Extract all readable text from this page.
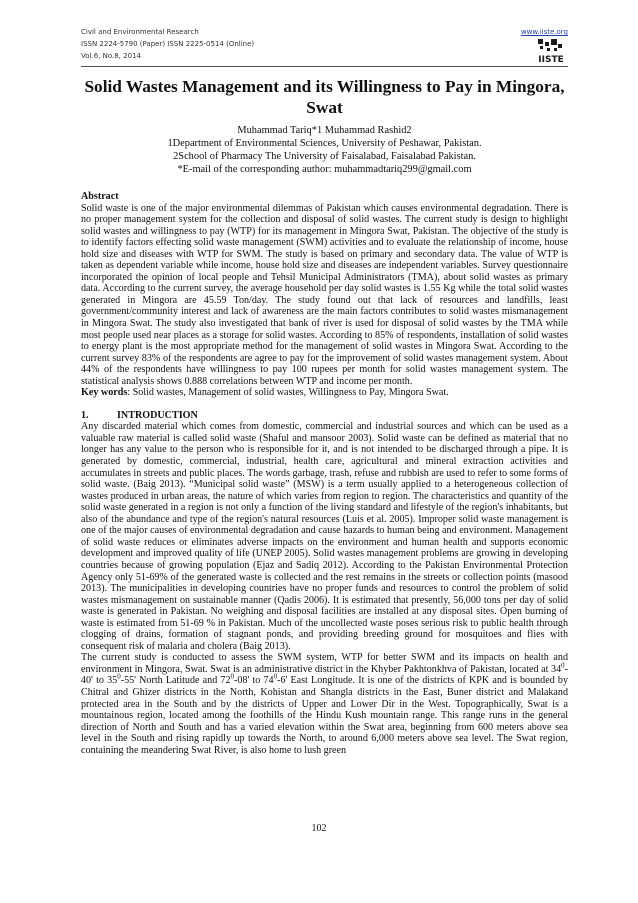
Civil and Environmental Research
ISSN 2224-5790 (Paper) ISSN 2225-0514 (Online)
Vol.6, No.8, 2014
www.iiste.org
IISTE
Solid Wastes Management and its Willingness to Pay in Mingora, Swat
Muhammad Tariq*1 Muhammad Rashid2
1Department of Environmental Sciences, University of Peshawar, Pakistan.
2School of Pharmacy The University of Faisalabad, Faisalabad Pakistan.
*E-mail of the corresponding author: muhammadtariq299@gmail.com

Abstract

Solid waste is one of the major environmental dilemmas of Pakistan which causes environmental degradation. There is no proper management system for the collection and disposal of solid wastes. The current study is design to highlight solid wastes and willingness to pay (WTP) for its management in Mingora Swat, Pakistan. The objective of the study is to identify factors effecting solid waste management (SWM) activities and to evaluate the relationship of income, house hold size and diseases with WTP for SWM. The study is based on primary and secondary data. The value of WTP is taken as dependent variable while income, house hold size and diseases are independent variables. Survey questionnaire incorporated the opinion of local people and Tehsil Municipal Administrators (TMA), about solid wastes as primary data. According to the current survey, the average household per day solid wastes is 1.55 Kg while the total solid wastes generated in Mingora are 45.59 Ton/day. The study found out that lack of resources and landfills, least government/community interest and lack of awareness are the main factors contributes to solid wastes mismanagement in Mingora Swat. The study also investigated that bank of river is used for disposal of solid wastes by the TMA while most people used near places as a storage for solid wastes. According to 85% of respondents, installation of solid wastes to energy plant is the most appropriate method for the management of solid wastes in Mingora Swat. According to the current survey 83% of the respondents are agree to pay for the improvement of solid wastes management system. About 44% of the respondents have willingness to pay 100 rupees per month for solid wastes management system. The statistical analysis shows 0.888 correlations between WTP and income per month.

Key words: Solid wastes, Management of solid wastes, Willingness to Pay, Mingora Swat.

1.	INTRODUCTION

Any discarded material which comes from domestic, commercial and industrial sources and which can be used as a valuable raw material is called solid waste (Shaful and mansoor 2003). Solid waste can be defined as material that no longer has any value to the person who is responsible for it, and is not intended to be discharged through a pipe. It is generated by domestic, commercial, industrial, health care, agricultural and mineral extraction activities and accumulates in streets and public places. The words garbage, trash, refuse and rubbish are used to refer to some forms of solid waste. (Baig 2013). “Municipal solid waste” (MSW) is a term usually applied to a heterogeneous collection of wastes produced in urban areas, the nature of which varies from region to region. The characteristics and quantity of the solid waste generated in a region is not only a function of the living standard and lifestyle of the region's inhabitants, but also of the abundance and type of the region's natural resources (Luis et al. 2005). Improper solid waste management is one of the major causes of environmental degradation and cause hazards to human being and environment. Management of solid waste reduces or eliminates adverse impacts on the environment and human health and supports economic development and improved quality of life (UNEP 2005). Solid wastes management problems are growing in developing countries because of growing population (Ejaz and Sadiq 2012). According to the Pakistan Environmental Protection Agency only 51-69% of the generated waste is collected and the rest remains in the streets or collection points (masood 2013). The municipalities in developing countries have no proper funds and resources to control the problem of solid wastes mismanagement on sustainable manner (Qadis 2006). It is estimated that presently, 56,000 tons per day of solid waste is generated in Pakistan. No weighing and disposal facilities are installed at any disposal sites. Open burning of waste is estimated from 51-69 % in Pakistan. Much of the uncollected waste poses serious risk to public health through clogging of drains, formation of stagnant ponds, and providing breeding ground for mosquitoes and flies with consequent risk of malaria and cholera (Baig 2013).

The current study is conducted to assess the SWM system, WTP for better SWM and its impacts on health and environment in Mingora, Swat. Swat is an administrative district in the Khyber Pakhtonkhva of Pakistan, located at $34^0-40'$ to $35^0-55'$ North Latitude and $72^0-08'$ to $74^0-6'$ East Longitude. It is one of the districts of KPK and is bounded by Chitral and Ghizer districts in the North, Kohistan and Shangla districts in the East, Buner district and Malakand protected area in the South and by the districts of Upper and Lower Dir in the West. Topographically, Swat is a mountainous region, located among the foothills of the Hindu Kush mountain range. This range runs in the general direction of North and South and has a varied elevation within the Swat area, beginning from 600 meters above sea level in the South and rising rapidly up towards the North, to around 6,000 meters above sea level. The Swat region, containing the meandering Swat River, is also home to lush green

102
